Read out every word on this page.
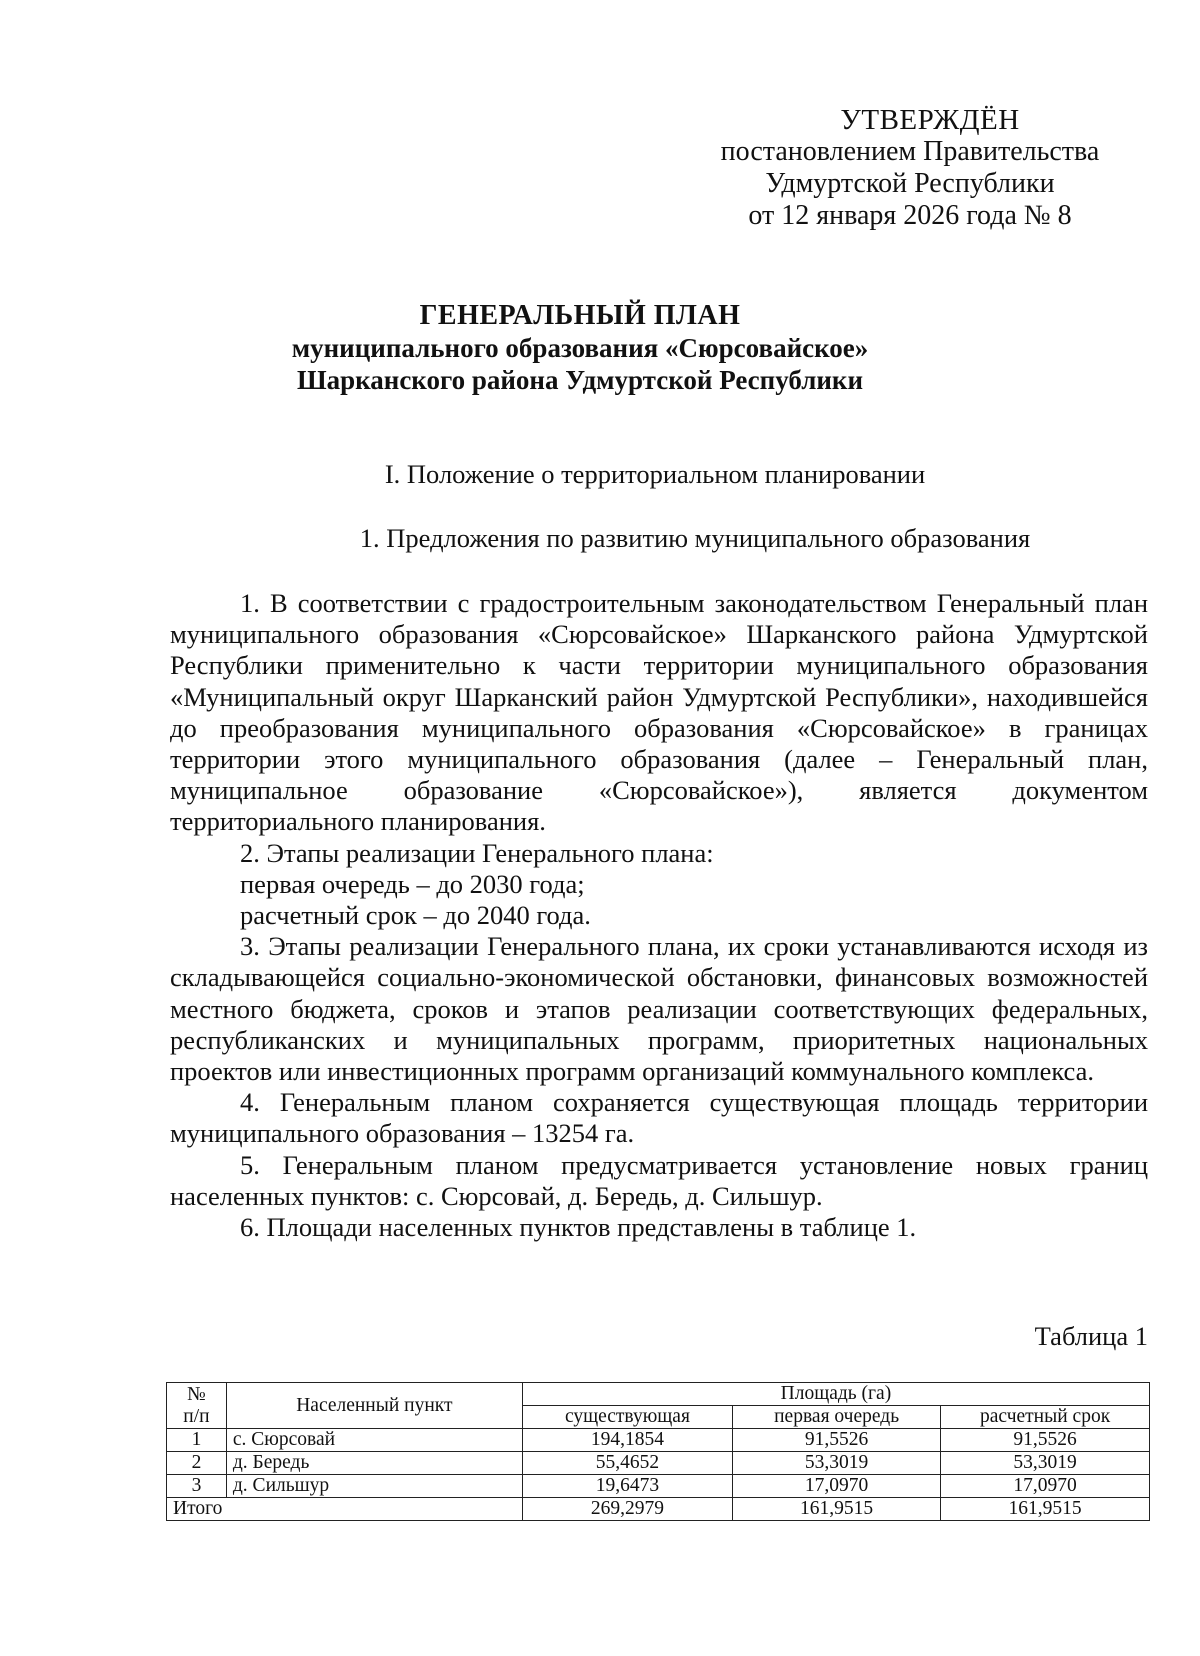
УТВЕРЖДЁН
постановлением Правительства
Удмуртской Республики
от 12 января 2026 года № 8
ГЕНЕРАЛЬНЫЙ ПЛАН
муниципального образования «Сюрсовайское»
Шарканского района Удмуртской Республики
I. Положение о территориальном планировании
1. Предложения по развитию муниципального образования

1. В соответствии с градостроительным законодательством Генеральный план муниципального образования «Сюрсовайское» Шарканского района Удмуртской Республики применительно к части территории муниципального образования «Муниципальный округ Шарканский район Удмуртской Республики», находившейся до преобразования муниципального образования «Сюрсовайское» в границах территории этого муниципального образования (далее – Генеральный план, муниципальное образование «Сюрсовайское»), является документом территориального планирования.

2. Этапы реализации Генерального плана:

первая очередь – до 2030 года;

расчетный срок – до 2040 года.

3. Этапы реализации Генерального плана, их сроки устанавливаются исходя из складывающейся социально-экономической обстановки, финансовых возможностей местного бюджета, сроков и этапов реализации соответствующих федеральных, республиканских и муниципальных программ, приоритетных национальных проектов или инвестиционных программ организаций коммунального комплекса.

4. Генеральным планом сохраняется существующая площадь территории муниципального образования – 13254 га.

5. Генеральным планом предусматривается установление новых границ населенных пунктов: с. Сюрсовай, д. Бередь, д. Сильшур.

6. Площади населенных пунктов представлены в таблице 1.

Таблица 1
№
п/п	Населенный пункт	Площадь (га)		
		существующая	первая очередь	расчетный срок
1	с. Сюрсовай	194,1854	91,5526	91,5526
2	д. Бередь	55,4652	53,3019	53,3019
3	д. Сильшур	19,6473	17,0970	17,0970
Итого		269,2979	161,9515	161,9515
